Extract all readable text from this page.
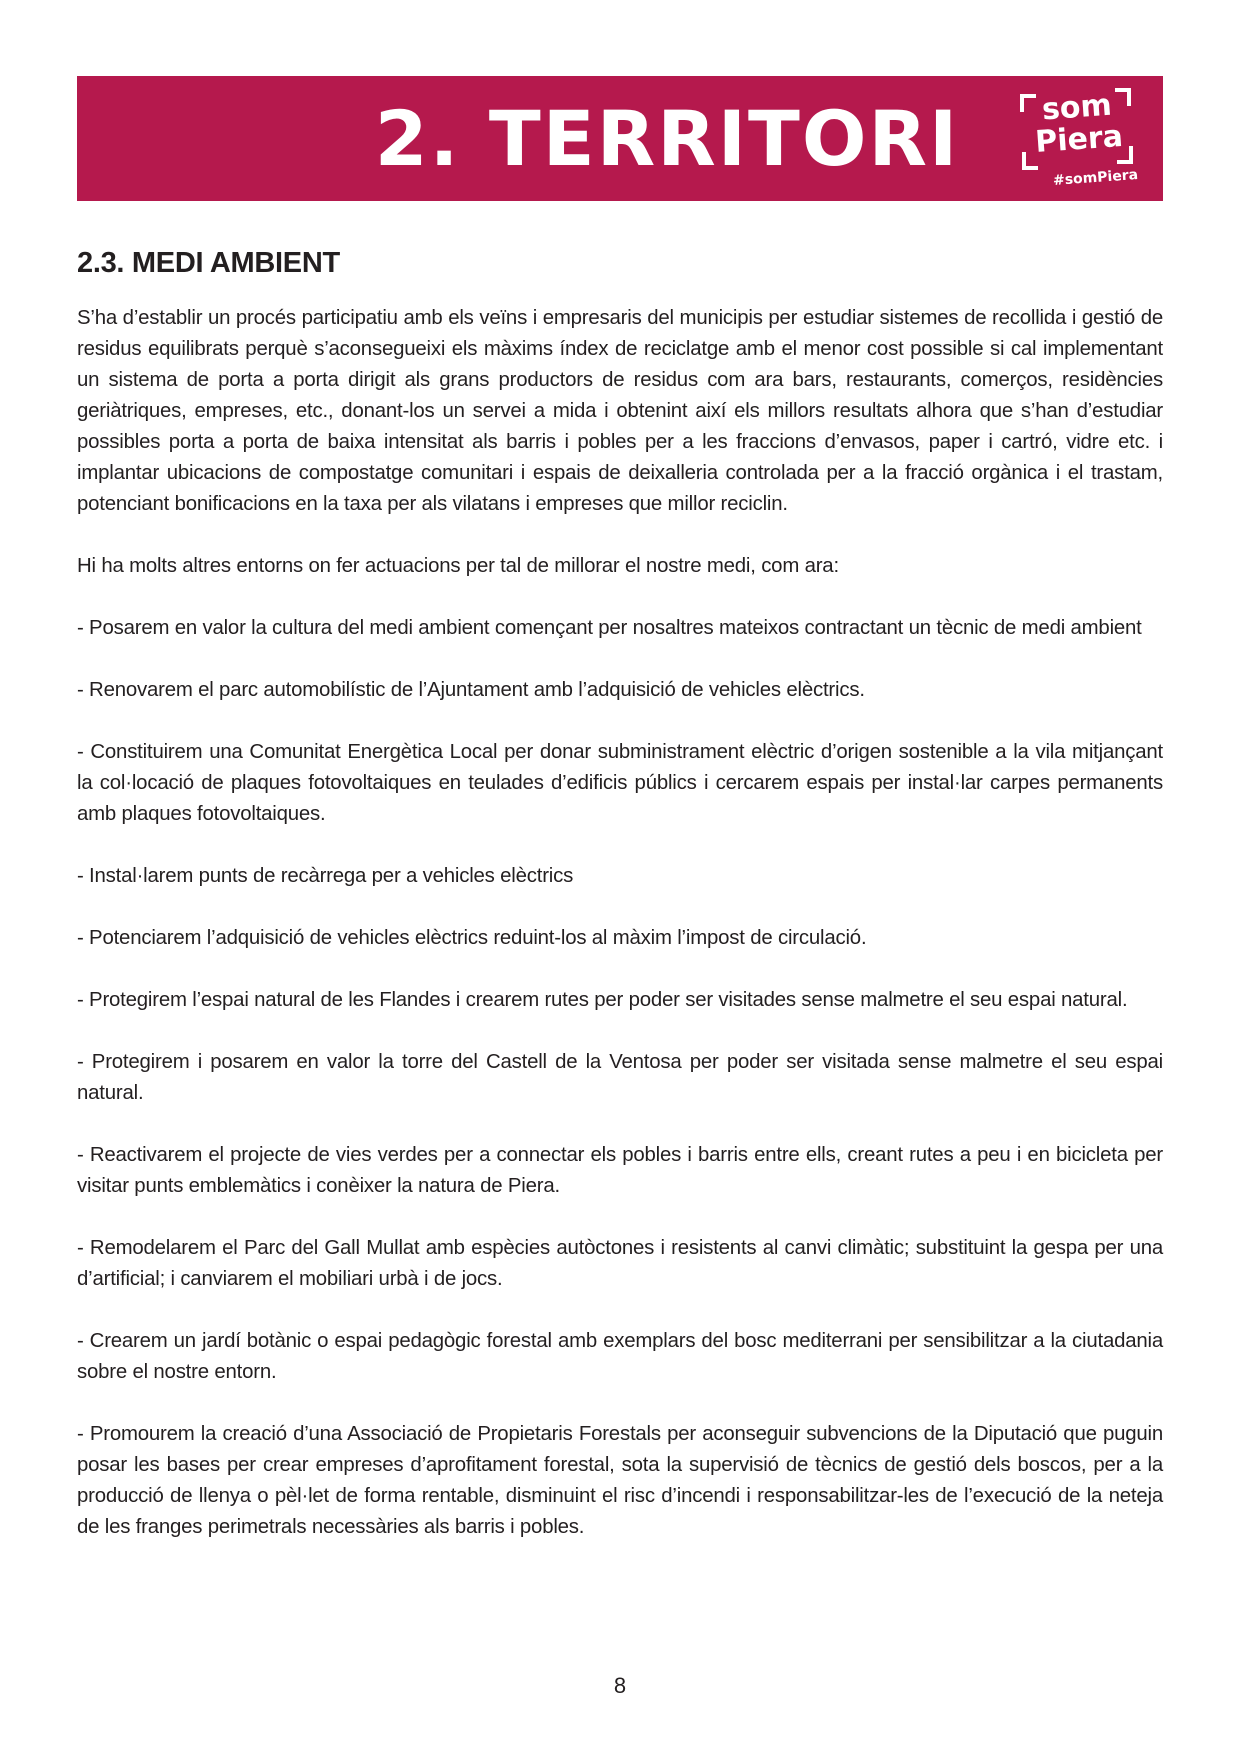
2. TERRITORI	som
Piera
#somPiera
2.3. MEDI AMBIENT

S’ha d’establir un procés participatiu amb els veïns i empresaris del municipis per estudiar sistemes de recollida i gestió de residus equilibrats perquè s’aconsegueixi els màxims índex de reciclatge amb el menor cost possible si cal implementant un sistema de porta a porta dirigit als grans productors de residus com ara bars, restaurants, comerços, residències geriàtriques, empreses, etc., donant-los un servei a mida i obtenint així els millors resultats alhora que s’han d’estudiar possibles porta a porta de baixa intensitat als barris i pobles per a les fraccions d’envasos, paper i cartró, vidre etc. i implantar ubicacions de compostatge comunitari i espais de deixalleria controlada per a la fracció orgànica i el trastam, potenciant bonificacions en la taxa per als vilatans i empreses que millor reciclin.

Hi ha molts altres entorns on fer actuacions per tal de millorar el nostre medi, com ara:

- Posarem en valor la cultura del medi ambient començant per nosaltres mateixos contractant un tècnic de medi ambient

- Renovarem el parc automobilístic de l’Ajuntament amb l’adquisició de vehicles elèctrics.

- Constituirem una Comunitat Energètica Local per donar subministrament elèctric d’origen sostenible a la vila mitjançant la col·locació de plaques fotovoltaiques en teulades d’edificis públics i cercarem espais per instal·lar carpes permanents amb plaques fotovoltaiques.

- Instal·larem punts de recàrrega per a vehicles elèctrics

- Potenciarem l’adquisició de vehicles elèctrics reduint-los al màxim l’impost de circulació.

- Protegirem l’espai natural de les Flandes i crearem rutes per poder ser visitades sense malmetre el seu espai natural.

- Protegirem i posarem en valor la torre del Castell de la Ventosa per poder ser visitada sense malmetre el seu espai natural.

- Reactivarem el projecte de vies verdes per a connectar els pobles i barris entre ells, creant rutes a peu i en bicicleta per visitar punts emblemàtics i conèixer la natura de Piera.

- Remodelarem el Parc del Gall Mullat amb espècies autòctones i resistents al canvi climàtic; substituint la gespa per una d’artificial; i canviarem el mobiliari urbà i de jocs.

- Crearem un jardí botànic o espai pedagògic forestal amb exemplars del bosc mediterrani per sensibilitzar a la ciutadania sobre el nostre entorn.

- Promourem la creació d’una Associació de Propietaris Forestals per aconseguir subvencions de la Diputació que puguin posar les bases per crear empreses d’aprofitament forestal, sota la supervisió de tècnics de gestió dels boscos, per a la producció de llenya o pèl·let de forma rentable, disminuint el risc d’incendi i responsabilitzar-les de l’execució de la neteja de les franges perimetrals necessàries als barris i pobles.

8
